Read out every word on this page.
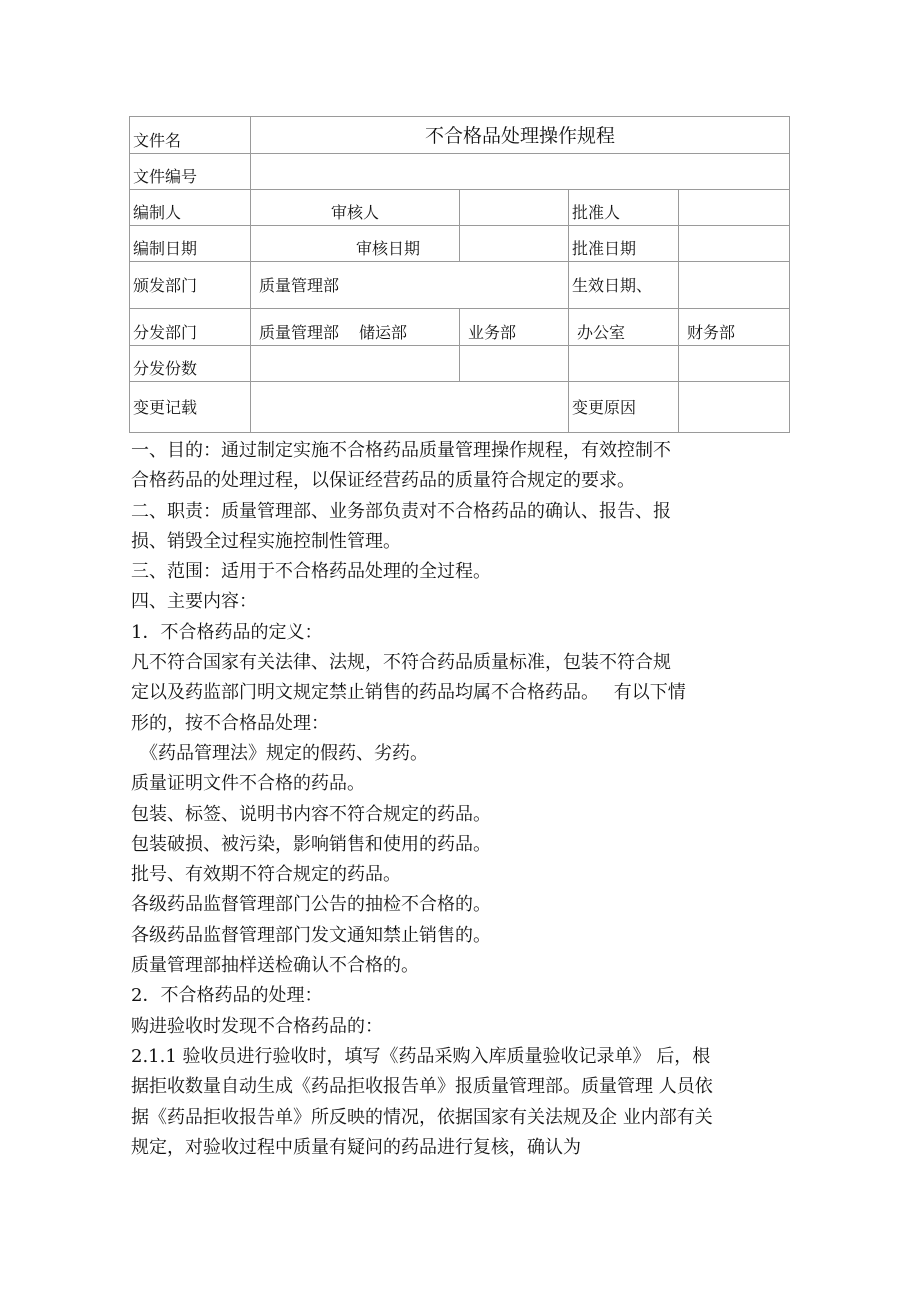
文件名	不合格品处理操作规程			
文件编号				
编制人	审核人		批准人	
编制日期	审核日期		批准日期	
颁发部门	质量管理部		生效日期、	
分发部门	质量管理部 储运部	业务部	办公室	财务部
分发份数				
变更记载			变更原因	
一、目的：通过制定实施不合格药品质量管理操作规程，有效控制不
合格药品的处理过程，以保证经营药品的质量符合规定的要求。
二、职责：质量管理部、业务部负责对不合格药品的确认、报告、报
损、销毁全过程实施控制性管理。
三、范围：适用于不合格药品处理的全过程。
四、主要内容：
1．不合格药品的定义：
凡不符合国家有关法律、法规，不符合药品质量标准，包装不符合规
定以及药监部门明文规定禁止销售的药品均属不合格药品。　 有以下情
形的，按不合格品处理：
　《药品管理法》规定的假药、劣药。
质量证明文件不合格的药品。
包装、标签、说明书内容不符合规定的药品。
包装破损、被污染，影响销售和使用的药品。
批号、有效期不符合规定的药品。
各级药品监督管理部门公告的抽检不合格的。
各级药品监督管理部门发文通知禁止销售的。
质量管理部抽样送检确认不合格的。
2．不合格药品的处理：
购进验收时发现不合格药品的：
2.1.1 验收员进行验收时，填写《药品采购入库质量验收记录单》 后，根
据拒收数量自动生成《药品拒收报告单》报质量管理部。质量管理 人员依
据《药品拒收报告单》所反映的情况，依据国家有关法规及企 业内部有关
规定，对验收过程中质量有疑问的药品进行复核，确认为
